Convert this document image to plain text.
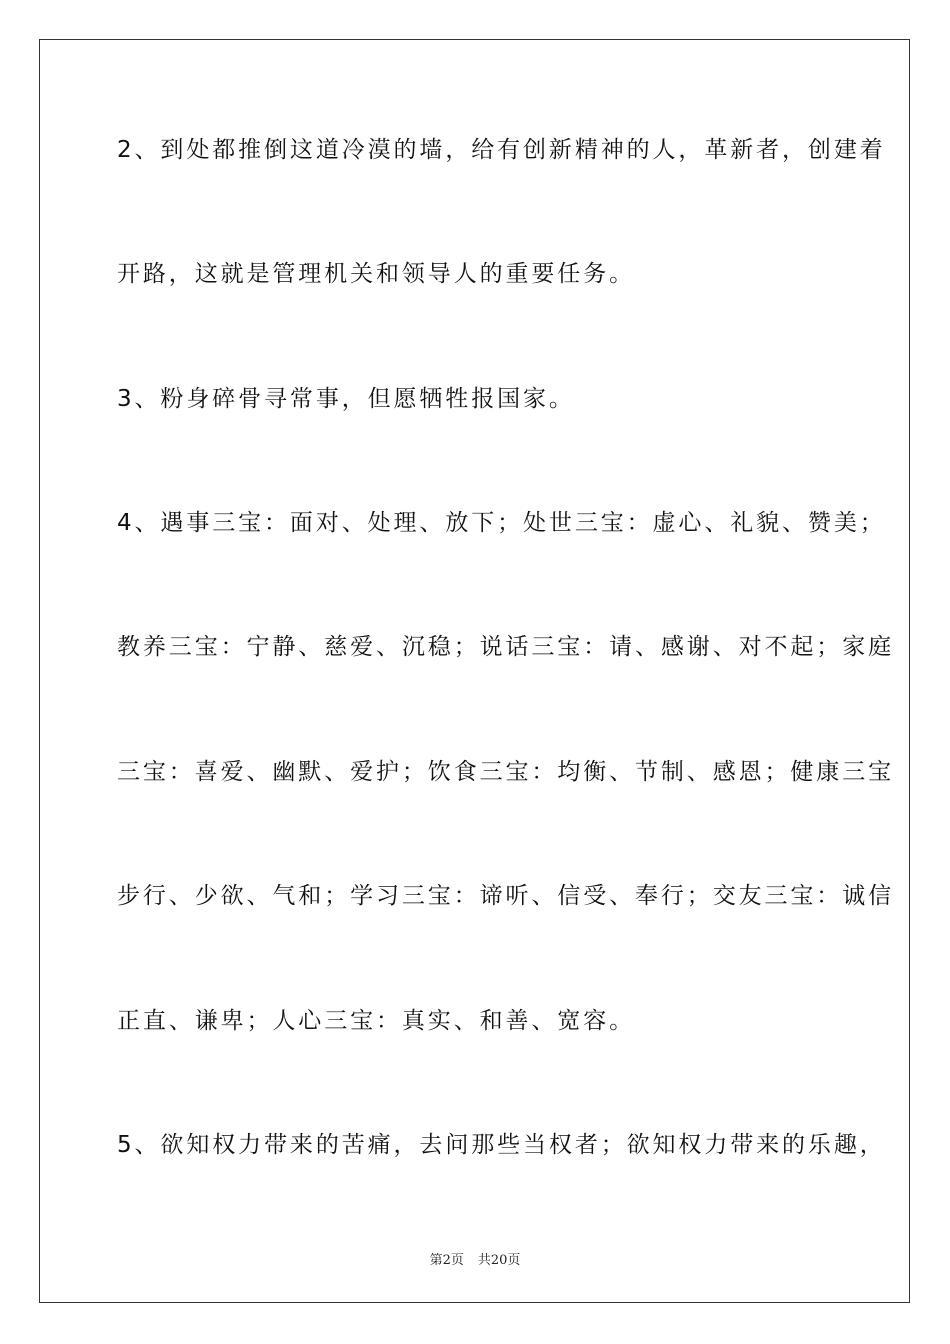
2、到处都推倒这道冷漠的墙，给有创新精神的人，革新者，创建着
开路，这就是管理机关和领导人的重要任务。
3、粉身碎骨寻常事，但愿牺牲报国家。
4、遇事三宝：面对、处理、放下；处世三宝：虚心、礼貌、赞美；
教养三宝：宁静、慈爱、沉稳；说话三宝：请、感谢、对不起；家庭
三宝：喜爱、幽默、爱护；饮食三宝：均衡、节制、感恩；健康三宝
步行、少欲、气和；学习三宝：谛听、信受、奉行；交友三宝：诚信
正直、谦卑；人心三宝：真实、和善、宽容。
5、欲知权力带来的苦痛，去问那些当权者；欲知权力带来的乐趣，
第2页 共20页
